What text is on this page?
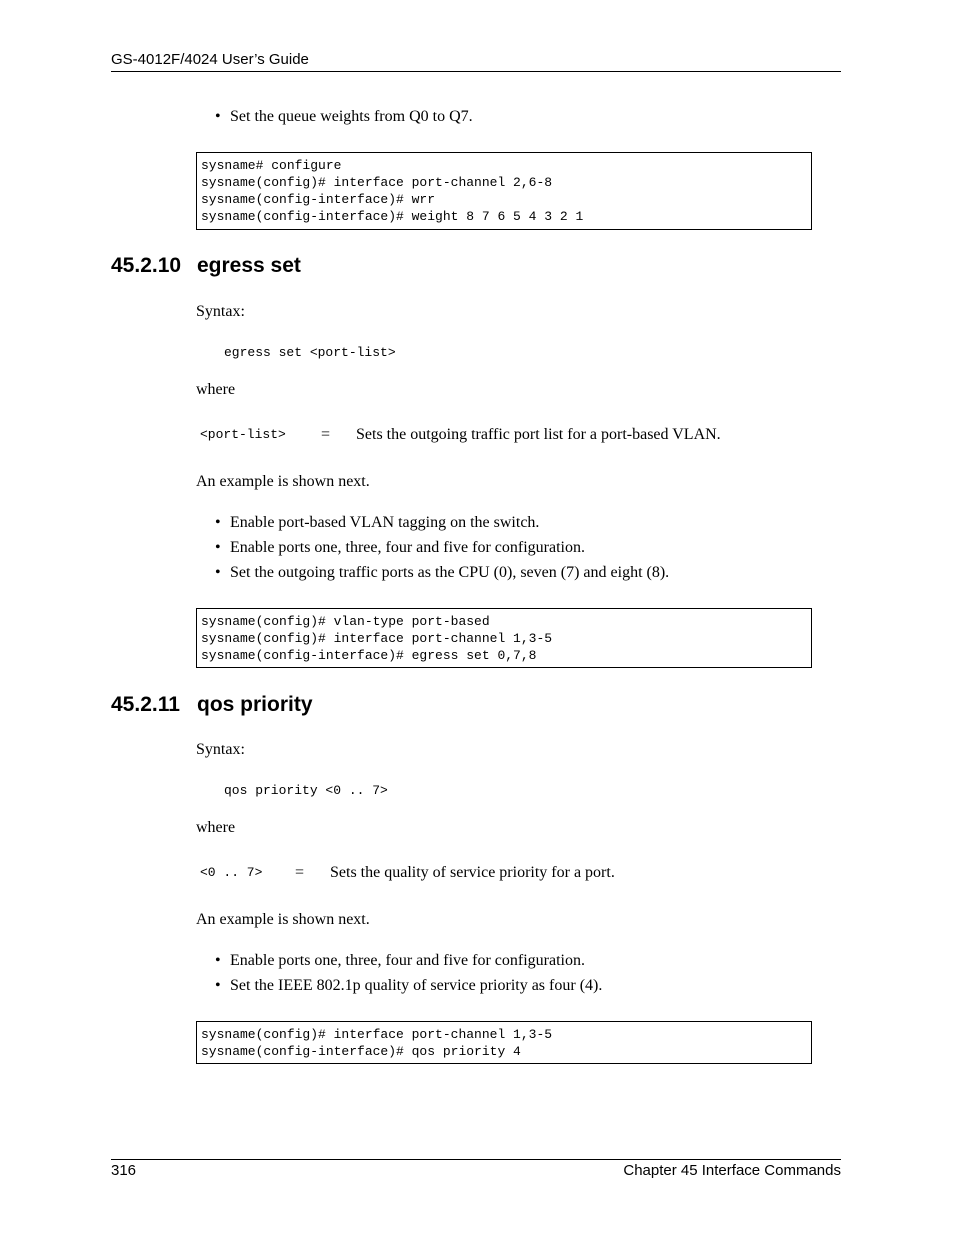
GS-4012F/4024 User’s Guide
• Set the queue weights from Q0 to Q7.
sysname# configure
sysname(config)# interface port-channel 2,6-8
sysname(config-interface)# wrr
sysname(config-interface)# weight 8 7 6 5 4 3 2 1
45.2.10 egress set
Syntax:
egress set <port-list>
where
<port-list> = Sets the outgoing traffic port list for a port-based VLAN.
An example is shown next.
• Enable port-based VLAN tagging on the switch.
• Enable ports one, three, four and five for configuration.
• Set the outgoing traffic ports as the CPU (0), seven (7) and eight (8).
sysname(config)# vlan-type port-based
sysname(config)# interface port-channel 1,3-5
sysname(config-interface)# egress set 0,7,8
45.2.11 qos priority
Syntax:
qos priority <0 .. 7>
where
<0 .. 7> = Sets the quality of service priority for a port.
An example is shown next.
• Enable ports one, three, four and five for configuration.
• Set the IEEE 802.1p quality of service priority as four (4).
sysname(config)# interface port-channel 1,3-5
sysname(config-interface)# qos priority 4
316	Chapter 45 Interface Commands
